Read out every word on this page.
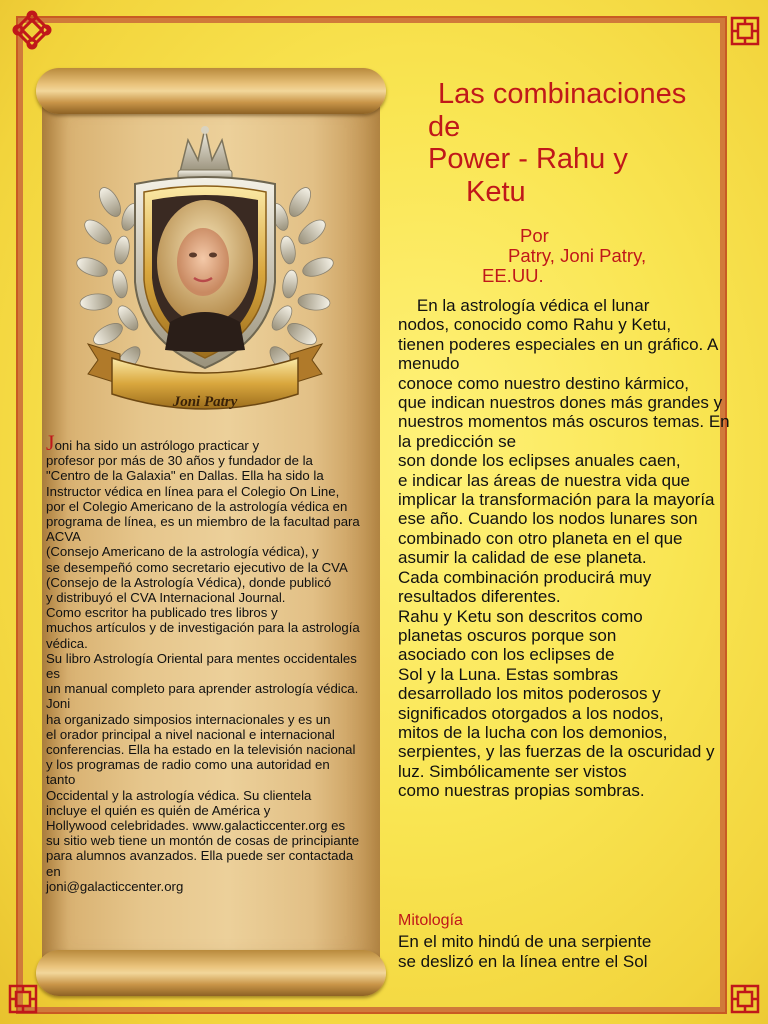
Joni Patry
Las combinaciones
de
Power - Rahu y
Ketu
Por
Patry, Joni Patry,
EE.UU.
Joni ha sido un astrólogo practicar y
profesor por más de 30 años y fundador de la
"Centro de la Galaxia" en Dallas. Ella ha sido la
Instructor védica en línea para el Colegio On Line,
por el Colegio Americano de la astrología védica en
programa de línea, es un miembro de la facultad para
ACVA
(Consejo Americano de la astrología védica), y
se desempeñó como secretario ejecutivo de la CVA
(Consejo de la Astrología Védica), donde publicó
y distribuyó el CVA Internacional Journal.
Como escritor ha publicado tres libros y
muchos artículos y de investigación para la astrología
védica.
Su libro Astrología Oriental para mentes occidentales
es
un manual completo para aprender astrología védica.
Joni
ha organizado simposios internacionales y es un
el orador principal a nivel nacional e internacional
conferencias. Ella ha estado en la televisión nacional
y los programas de radio como una autoridad en
tanto
Occidental y la astrología védica. Su clientela
incluye el quién es quién de América y
Hollywood celebridades. www.galacticcenter.org es
su sitio web tiene un montón de cosas de principiante
para alumnos avanzados. Ella puede ser contactada
en
joni@galacticcenter.org
En la astrología védica el lunar
nodos, conocido como Rahu y Ketu,
tienen poderes especiales en un gráfico. A
menudo
conoce como nuestro destino kármico,
que indican nuestros dones más grandes y
nuestros momentos más oscuros temas. En
la predicción se
son donde los eclipses anuales caen,
e indicar las áreas de nuestra vida que
implicar la transformación para la mayoría
ese año. Cuando los nodos lunares son
combinado con otro planeta en el que
asumir la calidad de ese planeta.
Cada combinación producirá muy
resultados diferentes.
Rahu y Ketu son descritos como
planetas oscuros porque son
asociado con los eclipses de
Sol y la Luna. Estas sombras
desarrollado los mitos poderosos y
significados otorgados a los nodos,
mitos de la lucha con los demonios,
serpientes, y las fuerzas de la oscuridad y
luz. Simbólicamente ser vistos
como nuestras propias sombras.
Mitología
En el mito hindú de una serpiente
se deslizó en la línea entre el Sol
